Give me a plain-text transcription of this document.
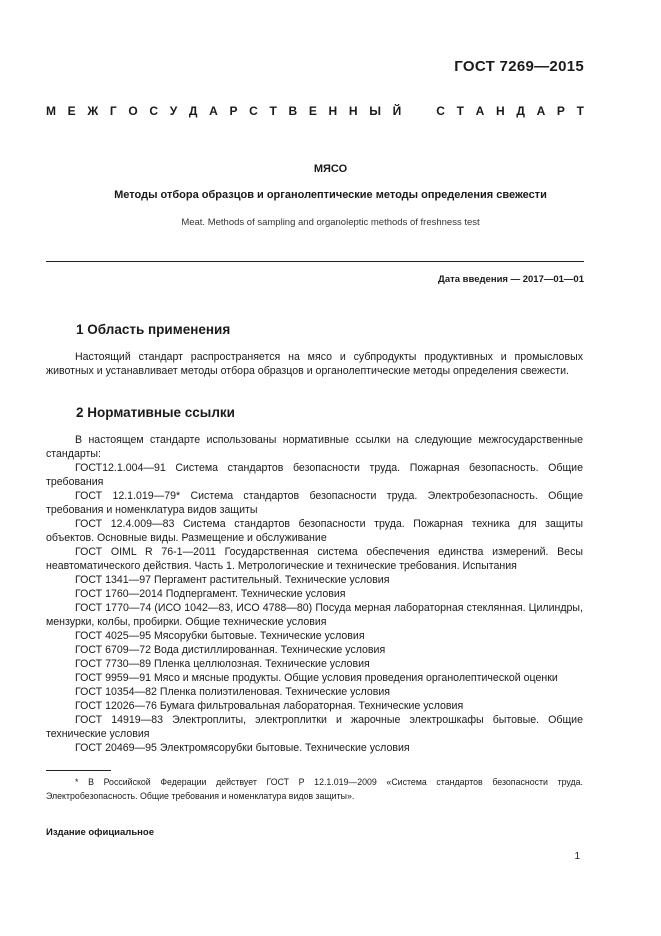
ГОСТ 7269—2015
М Е Ж Г О С У Д А Р С Т В Е Н Н Ы Й	С Т А Н Д А Р Т
МЯСО
Методы отбора образцов и органолептические методы определения свежести
Meat. Methods of sampling and organoleptic methods of freshness test
Дата введения — 2017—01—01
1 Область применения
Настоящий стандарт распространяется на мясо и субпродукты продуктивных и промысловых животных и устанавливает методы отбора образцов и органолептические методы определения свежести.
2 Нормативные ссылки

В настоящем стандарте использованы нормативные ссылки на следующие межгосударственные стандарты:

ГОСТ12.1.004—91 Система стандартов безопасности труда. Пожарная безопасность. Общие требования

ГОСТ 12.1.019—79* Система стандартов безопасности труда. Электробезопасность. Общие требования и номенклатура видов защиты

ГОСТ 12.4.009—83 Система стандартов безопасности труда. Пожарная техника для защиты объектов. Основные виды. Размещение и обслуживание

ГОСТ OIML R 76-1—2011 Государственная система обеспечения единства измерений. Весы неавтоматического действия. Часть 1. Метрологические и технические требования. Испытания

ГОСТ 1341—97 Пергамент растительный. Технические условия

ГОСТ 1760—2014 Подпергамент. Технические условия

ГОСТ 1770—74 (ИСО 1042—83, ИСО 4788—80) Посуда мерная лабораторная стеклянная. Цилиндры, мензурки, колбы, пробирки. Общие технические условия

ГОСТ 4025—95 Мясорубки бытовые. Технические условия

ГОСТ 6709—72 Вода дистиллированная. Технические условия

ГОСТ 7730—89 Пленка целлюлозная. Технические условия

ГОСТ 9959—91 Мясо и мясные продукты. Общие условия проведения органолептической оценки

ГОСТ 10354—82 Пленка полиэтиленовая. Технические условия

ГОСТ 12026—76 Бумага фильтровальная лабораторная. Технические условия

ГОСТ 14919—83 Электроплиты, электроплитки и жарочные электрошкафы бытовые. Общие технические условия

ГОСТ 20469—95 Электромясорубки бытовые. Технические условия

* В Российской Федерации действует ГОСТ Р 12.1.019—2009 «Система стандартов безопасности труда. Электробезопасность. Общие требования и номенклатура видов защиты».
Издание официальное
1
